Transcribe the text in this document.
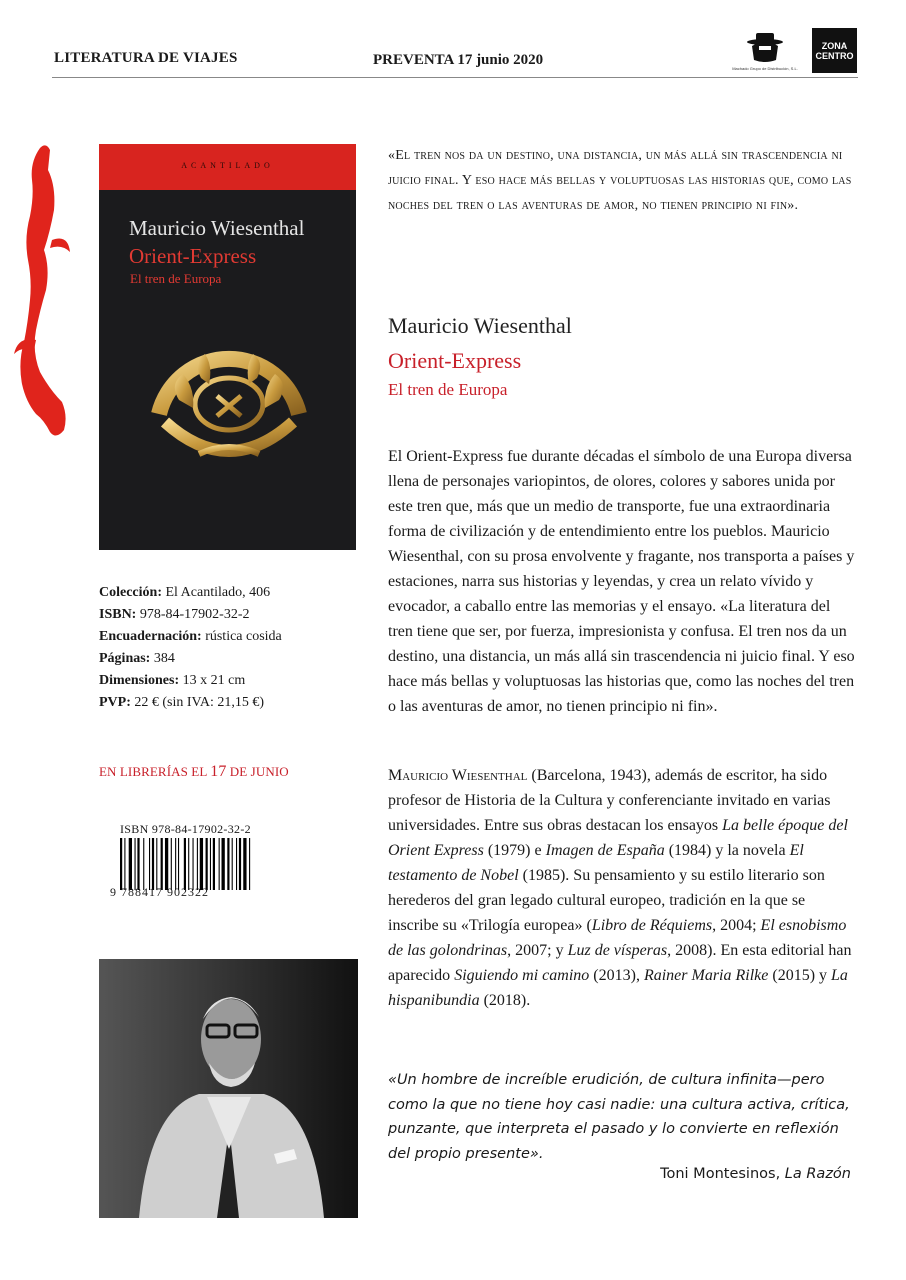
LITERATURA DE VIAJES	PREVENTA 17 junio 2020
Machado Grupo de Distribución, S.L.
ZONA
CENTRO
ACANTILADO
Mauricio Wiesenthal
Orient-Express
El tren de Europa
Colección: El Acantilado, 406
ISBN: 978-84-17902-32-2
Encuadernación: rústica cosida
Páginas: 384
Dimensiones: 13 x 21 cm
PVP: 22 € (sin IVA: 21,15 €)
EN LIBRERÍAS EL 17 DE JUNIO
ISBN 978-84-17902-32-2
9 788417 902322
«El tren nos da un destino, una distancia, un más allá sin trascendencia ni juicio final. Y eso hace más bellas y voluptuosas las historias que, como las noches del tren o las aventuras de amor, no tienen principio ni fin».
Mauricio Wiesenthal
Orient-Express
El tren de Europa
El Orient-Express fue durante décadas el símbolo de una Europa diversa llena de personajes variopintos, de olores, colores y sabores unida por este tren que, más que un medio de transporte, fue una extraordinaria forma de civilización y de entendimiento entre los pueblos. Mauricio Wiesenthal, con su prosa envolvente y fragante, nos transporta a países y estaciones, narra sus historias y leyendas, y crea un relato vívido y evocador, a caballo entre las memorias y el ensayo. «La literatura del tren tiene que ser, por fuerza, impresionista y confusa. El tren nos da un destino, una distancia, un más allá sin trascendencia ni juicio final. Y eso hace más bellas y voluptuosas las historias que, como las noches del tren o las aventuras de amor, no tienen principio ni fin».
Mauricio Wiesenthal (Barcelona, 1943), además de escritor, ha sido profesor de Historia de la Cultura y conferenciante invitado en varias universidades. Entre sus obras destacan los ensayos La belle époque del Orient Express (1979) e Imagen de España (1984) y la novela El testamento de Nobel (1985). Su pensamiento y su estilo literario son herederos del gran legado cultural europeo, tradición en la que se inscribe su «Trilogía europea» (Libro de Réquiems, 2004; El esnobismo de las golondrinas, 2007; y Luz de vísperas, 2008). En esta editorial han aparecido Siguiendo mi camino (2013), Rainer Maria Rilke (2015) y La hispanibundia (2018).
«Un hombre de increíble erudición, de cultura infinita—pero como la que no tiene hoy casi nadie: una cultura activa, crítica, punzante, que interpreta el pasado y lo convierte en reflexión del propio presente».
Toni Montesinos, La Razón
